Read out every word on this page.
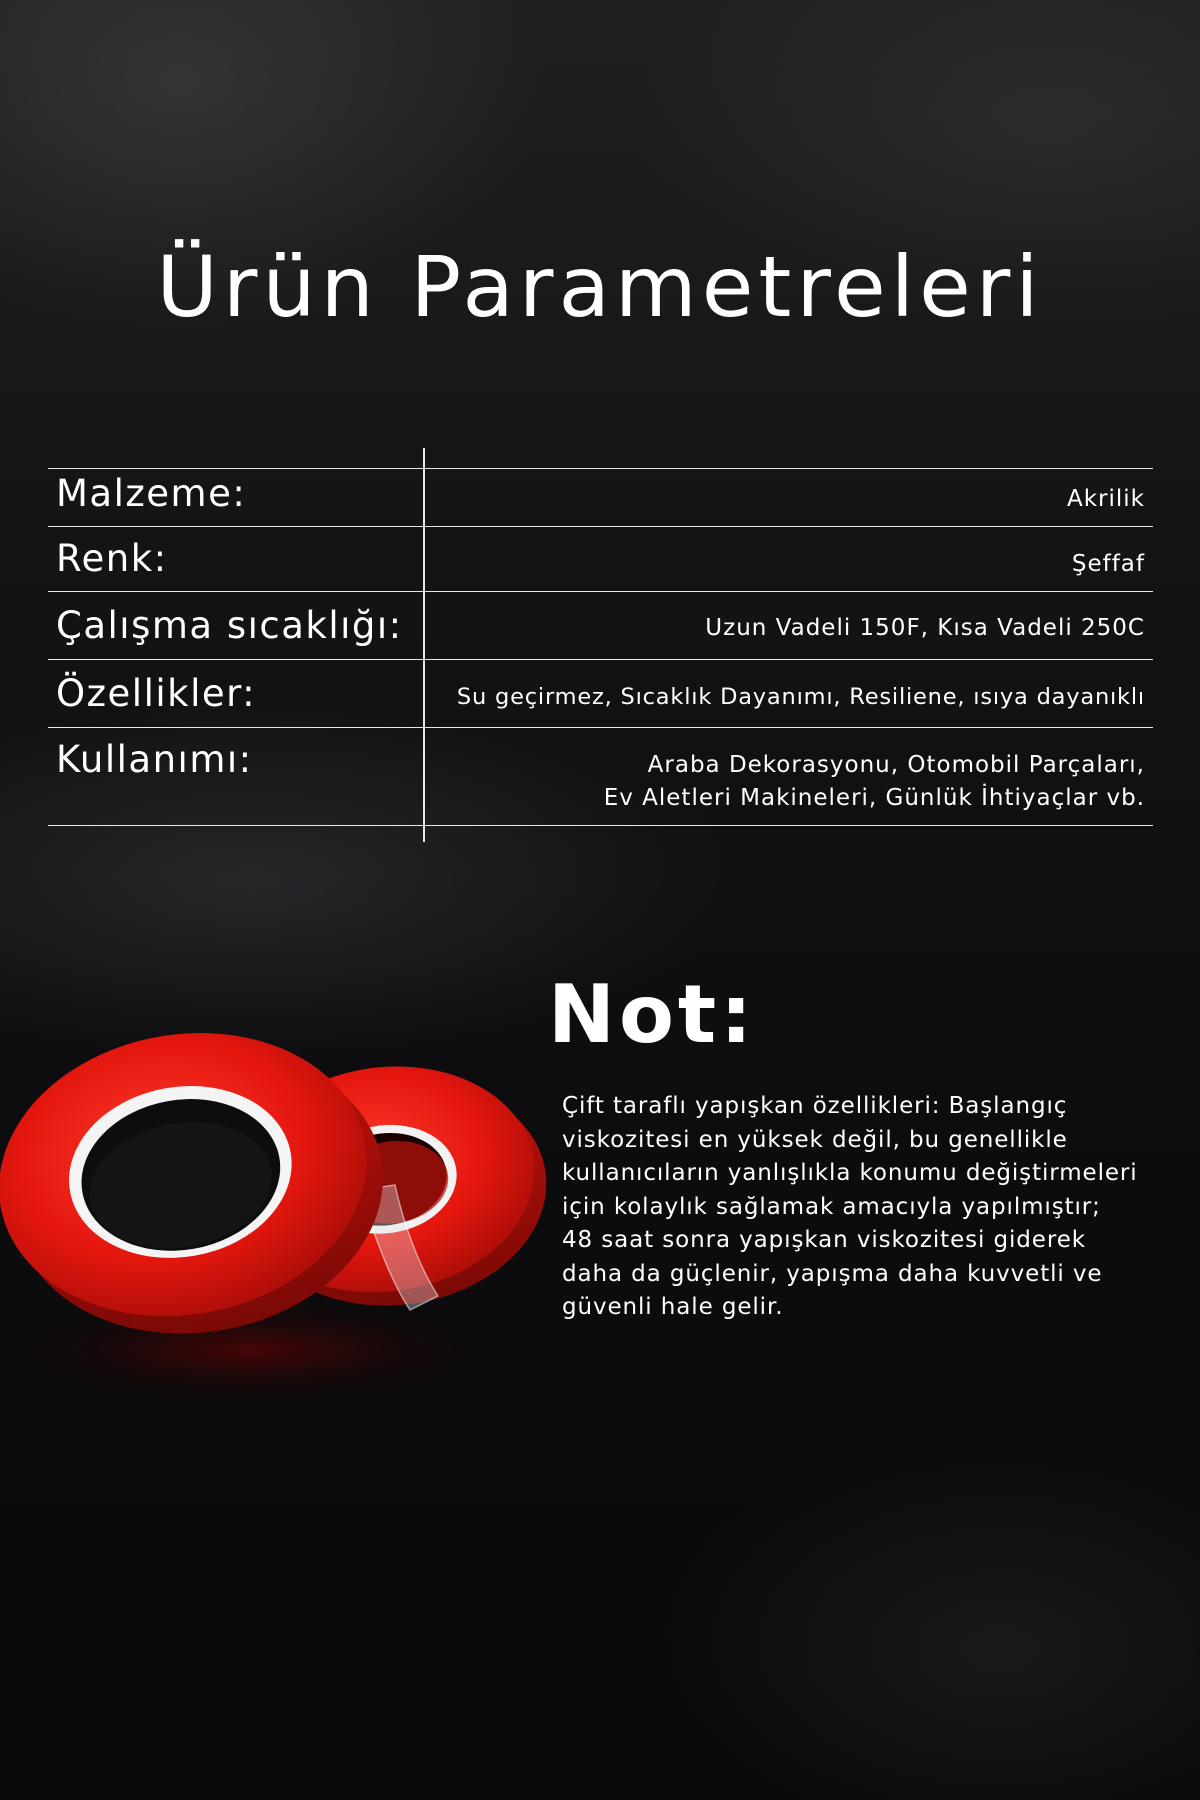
Ürün Parametreleri
Malzeme:	Akrilik
Renk:	Şeffaf
Çalışma sıcaklığı:	Uzun Vadeli 150F, Kısa Vadeli 250C
Özellikler:	Su geçirmez, Sıcaklık Dayanımı, Resiliene, ısıya dayanıklı
Kullanımı:	Araba Dekorasyonu, Otomobil Parçaları,
Ev Aletleri Makineleri, Günlük İhtiyaçlar vb.
Not:

Çift taraflı yapışkan özellikleri: Başlangıç
viskozitesi en yüksek değil, bu genellikle
kullanıcıların yanlışlıkla konumu değiştirmeleri
için kolaylık sağlamak amacıyla yapılmıştır;
48 saat sonra yapışkan viskozitesi giderek
daha da güçlenir, yapışma daha kuvvetli ve
güvenli hale gelir.
